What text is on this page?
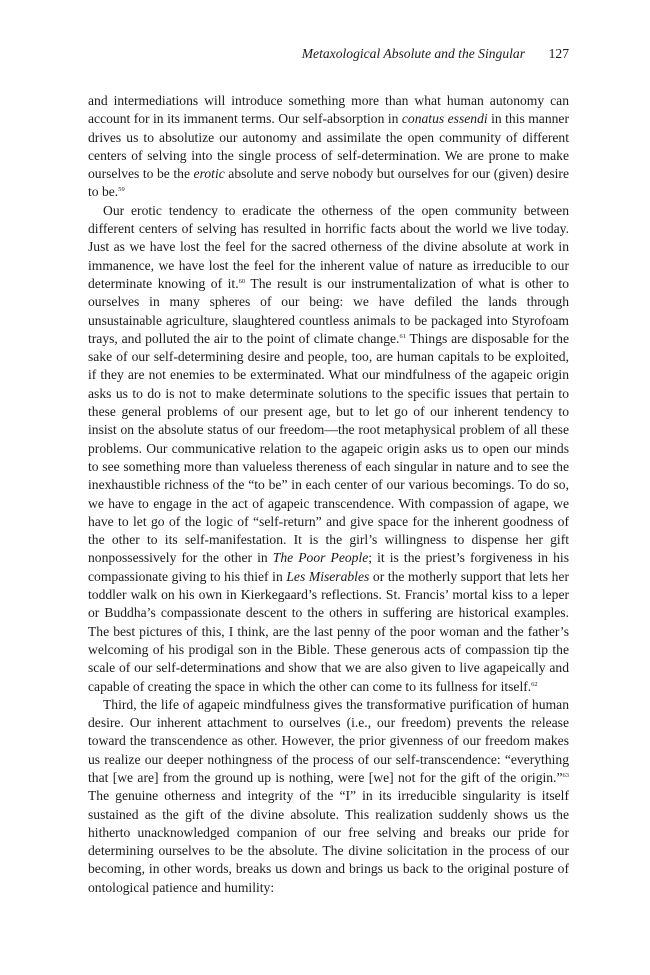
Metaxological Absolute and the Singular 127

and intermediations will introduce something more than what human autonomy can account for in its immanent terms. Our self-absorption in conatus essendi in this manner drives us to absolutize our autonomy and assimilate the open community of different centers of selving into the single process of self-determination. We are prone to make ourselves to be the erotic absolute and serve nobody but ourselves for our (given) desire to be.$^{59}$

Our erotic tendency to eradicate the otherness of the open community between different centers of selving has resulted in horrific facts about the world we live today. Just as we have lost the feel for the sacred otherness of the divine absolute at work in immanence, we have lost the feel for the inherent value of nature as irreducible to our determinate knowing of it.$^{60}$ The result is our instrumentalization of what is other to ourselves in many spheres of our being: we have defiled the lands through unsustainable agriculture, slaughtered countless animals to be packaged into Styrofoam trays, and polluted the air to the point of climate change.$^{61}$ Things are disposable for the sake of our self-determining desire and people, too, are human capitals to be exploited, if they are not enemies to be exterminated. What our mindfulness of the agapeic origin asks us to do is not to make determinate solutions to the specific issues that pertain to these general problems of our present age, but to let go of our inherent tendency to insist on the absolute status of our freedom—the root metaphysical problem of all these problems. Our communicative relation to the agapeic origin asks us to open our minds to see something more than valueless thereness of each singular in nature and to see the inexhaustible richness of the “to be” in each center of our various becomings. To do so, we have to engage in the act of agapeic transcendence. With compassion of agape, we have to let go of the logic of “self-return” and give space for the inherent goodness of the other to its self-manifestation. It is the girl’s willingness to dispense her gift nonpossessively for the other in The Poor People; it is the priest’s forgiveness in his compassionate giving to his thief in Les Miserables or the motherly support that lets her toddler walk on his own in Kierkegaard’s reflections. St. Francis’ mortal kiss to a leper or Buddha’s compassionate descent to the others in suffering are historical examples. The best pictures of this, I think, are the last penny of the poor woman and the father’s welcoming of his prodigal son in the Bible. These generous acts of compassion tip the scale of our self-determinations and show that we are also given to live agapeically and capable of creating the space in which the other can come to its fullness for itself.$^{62}$

Third, the life of agapeic mindfulness gives the transformative purification of human desire. Our inherent attachment to ourselves (i.e., our freedom) prevents the release toward the transcendence as other. However, the prior givenness of our freedom makes us realize our deeper nothingness of the process of our self-transcendence: “everything that [we are] from the ground up is nothing, were [we] not for the gift of the origin.”$^{63}$ The genuine otherness and integrity of the “I” in its irreducible singularity is itself sustained as the gift of the divine absolute. This realization suddenly shows us the hitherto unacknowledged companion of our free selving and breaks our pride for determining ourselves to be the absolute. The divine solicitation in the process of our becoming, in other words, breaks us down and brings us back to the original posture of ontological patience and humility:
